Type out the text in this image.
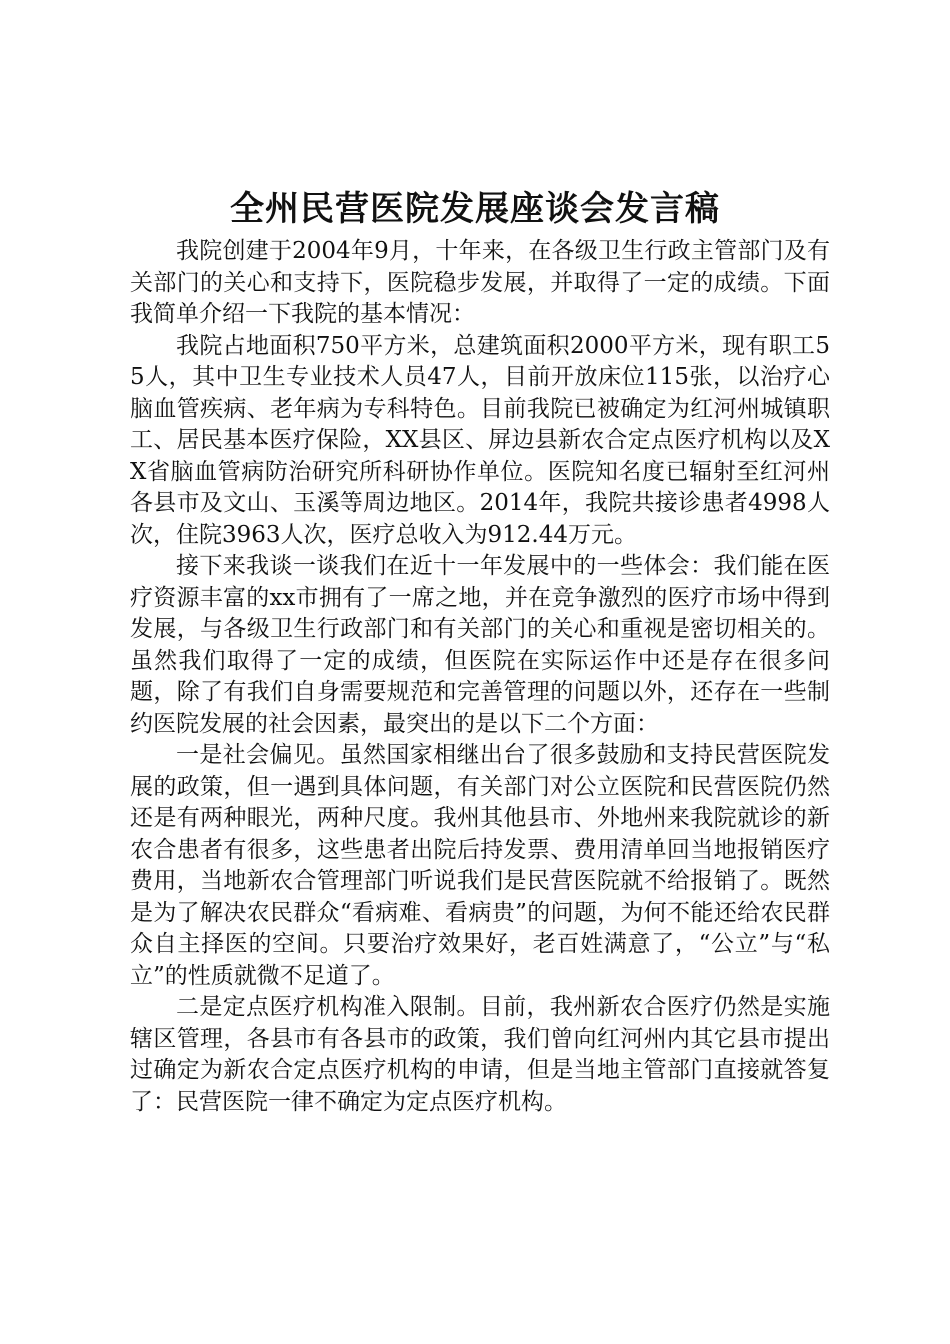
全州民营医院发展座谈会发言稿

我院创建于2004年9月，十年来，在各级卫生行政主管部门及有关部门的关心和支持下，医院稳步发展，并取得了一定的成绩。下面我简单介绍一下我院的基本情况：

我院占地面积750平方米，总建筑面积2000平方米，现有职工55人，其中卫生专业技术人员47人，目前开放床位115张，以治疗心脑血管疾病、老年病为专科特色。目前我院已被确定为红河州城镇职工、居民基本医疗保险，XX县区、屏边县新农合定点医疗机构以及XX省脑血管病防治研究所科研协作单位。医院知名度已辐射至红河州各县市及文山、玉溪等周边地区。2014年，我院共接诊患者4998人次，住院3963人次，医疗总收入为912.44万元。

接下来我谈一谈我们在近十一年发展中的一些体会：我们能在医疗资源丰富的xx市拥有了一席之地，并在竞争激烈的医疗市场中得到发展，与各级卫生行政部门和有关部门的关心和重视是密切相关的。虽然我们取得了一定的成绩，但医院在实际运作中还是存在很多问题，除了有我们自身需要规范和完善管理的问题以外，还存在一些制约医院发展的社会因素，最突出的是以下二个方面：

一是社会偏见。虽然国家相继出台了很多鼓励和支持民营医院发展的政策，但一遇到具体问题，有关部门对公立医院和民营医院仍然还是有两种眼光，两种尺度。我州其他县市、外地州来我院就诊的新农合患者有很多，这些患者出院后持发票、费用清单回当地报销医疗费用，当地新农合管理部门听说我们是民营医院就不给报销了。既然是为了解决农民群众“看病难、看病贵”的问题，为何不能还给农民群众自主择医的空间。只要治疗效果好，老百姓满意了，“公立”与“私立”的性质就微不足道了。

二是定点医疗机构准入限制。目前，我州新农合医疗仍然是实施辖区管理，各县市有各县市的政策，我们曾向红河州内其它县市提出过确定为新农合定点医疗机构的申请，但是当地主管部门直接就答复了：民营医院一律不确定为定点医疗机构。
